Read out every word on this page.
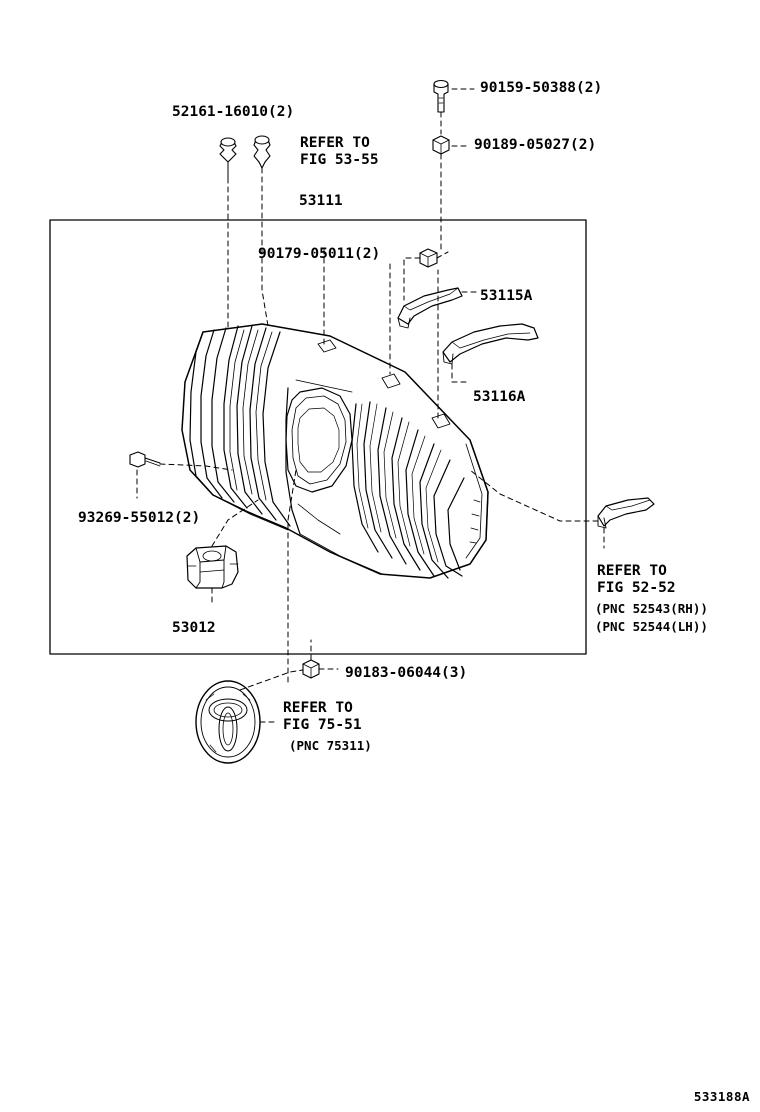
52161-16010(2)
90159-50388(2)
90189-05027(2)
REFER TO
FIG 53-55
53111
90179-05011(2)
53115A
53116A
93269-55012(2)
53012
REFER TO
FIG 52-52
(PNC 52543(RH))
(PNC 52544(LH))
90183-06044(3)
REFER TO
FIG 75-51
(PNC 75311)
533188A
